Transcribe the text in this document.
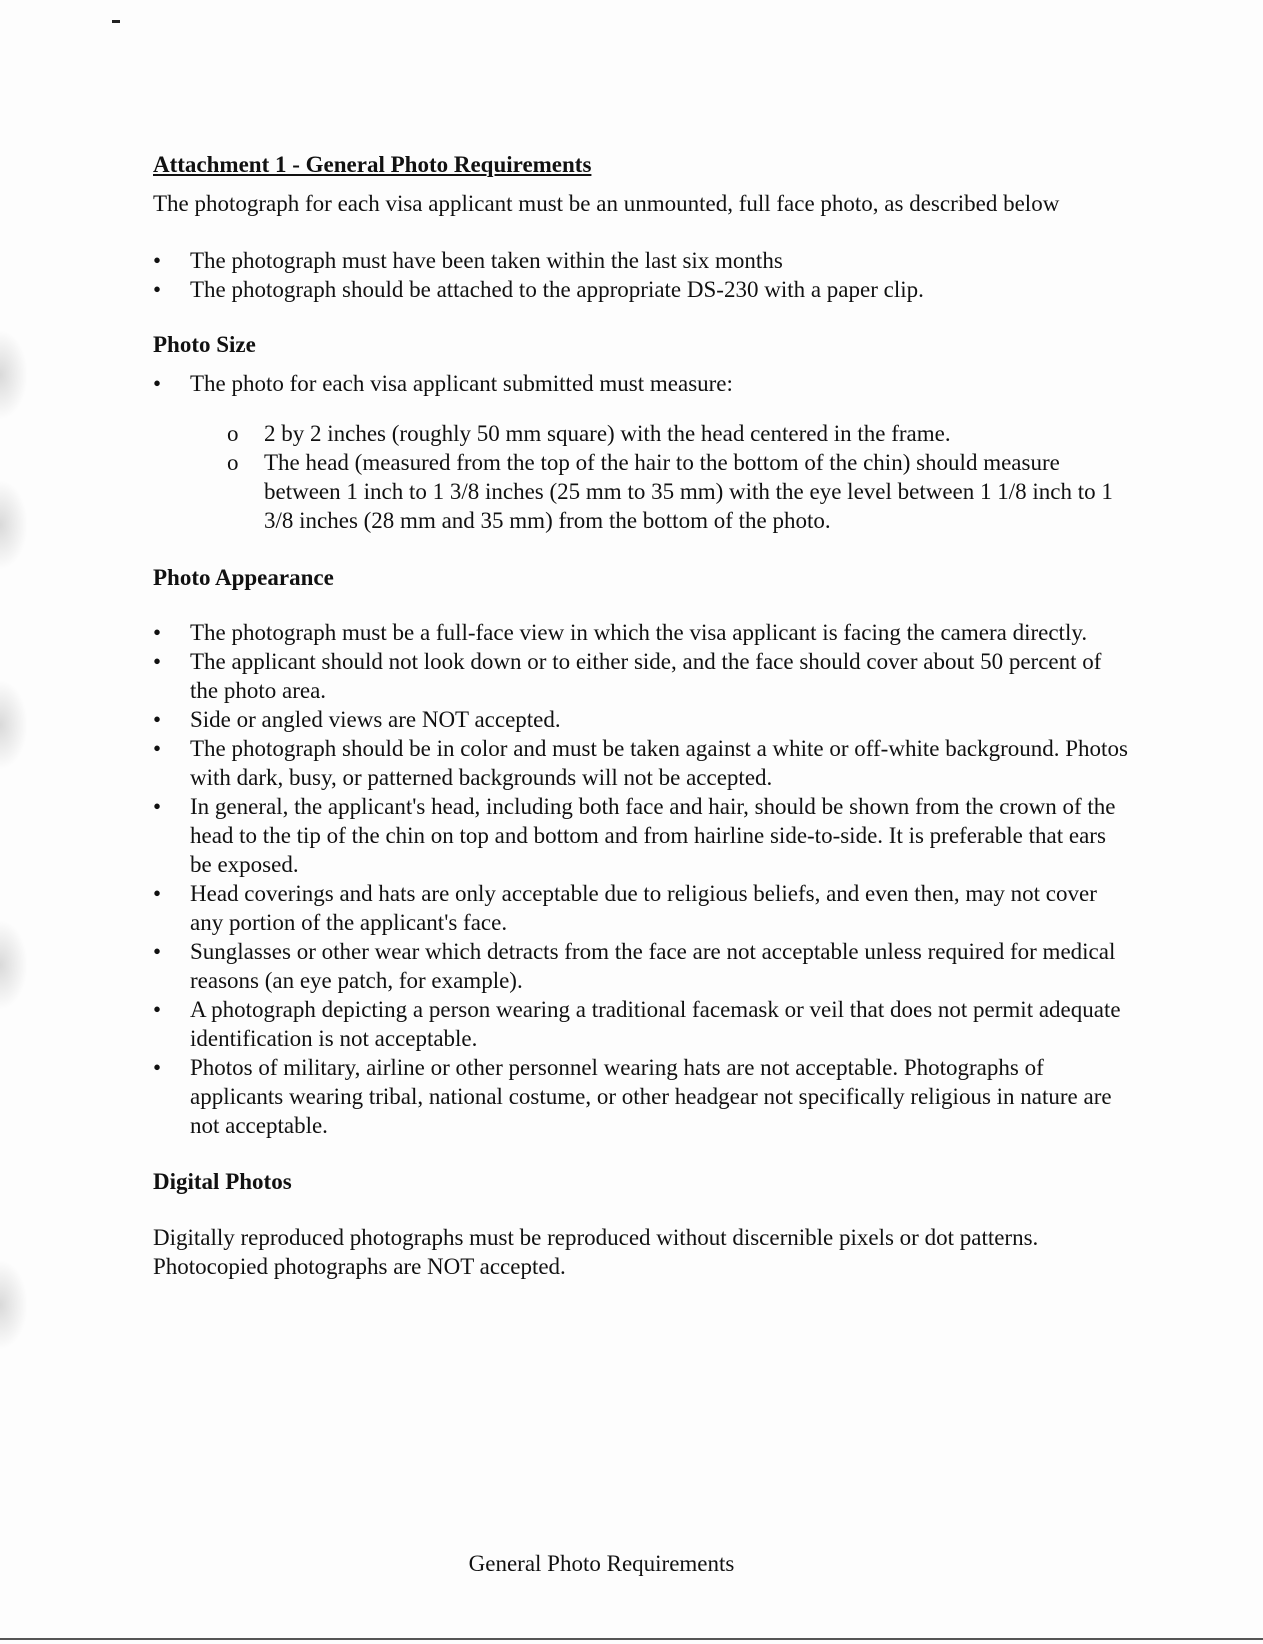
Attachment 1 - General Photo Requirements

The photograph for each visa applicant must be an unmounted, full face photo, as described below

• The photograph must have been taken within the last six months
• The photograph should be attached to the appropriate DS-230 with a paper clip.
Photo Size
• The photo for each visa applicant submitted must measure:
o 2 by 2 inches (roughly 50 mm square) with the head centered in the frame.
o The head (measured from the top of the hair to the bottom of the chin) should measure between 1 inch to 1 3/8 inches (25 mm to 35 mm) with the eye level between 1 1/8 inch to 1 3/8 inches (28 mm and 35 mm) from the bottom of the photo.
Photo Appearance
• The photograph must be a full-face view in which the visa applicant is facing the camera directly.
• The applicant should not look down or to either side, and the face should cover about 50 percent of the photo area.
• Side or angled views are NOT accepted.
• The photograph should be in color and must be taken against a white or off-white background. Photos with dark, busy, or patterned backgrounds will not be accepted.
• In general, the applicant's head, including both face and hair, should be shown from the crown of the head to the tip of the chin on top and bottom and from hairline side-to-side. It is preferable that ears be exposed.
• Head coverings and hats are only acceptable due to religious beliefs, and even then, may not cover any portion of the applicant's face.
• Sunglasses or other wear which detracts from the face are not acceptable unless required for medical reasons (an eye patch, for example).
• A photograph depicting a person wearing a traditional facemask or veil that does not permit adequate identification is not acceptable.
• Photos of military, airline or other personnel wearing hats are not acceptable. Photographs of applicants wearing tribal, national costume, or other headgear not specifically religious in nature are not acceptable.
Digital Photos

Digitally reproduced photographs must be reproduced without discernible pixels or dot patterns. Photocopied photographs are NOT accepted.

General Photo Requirements
